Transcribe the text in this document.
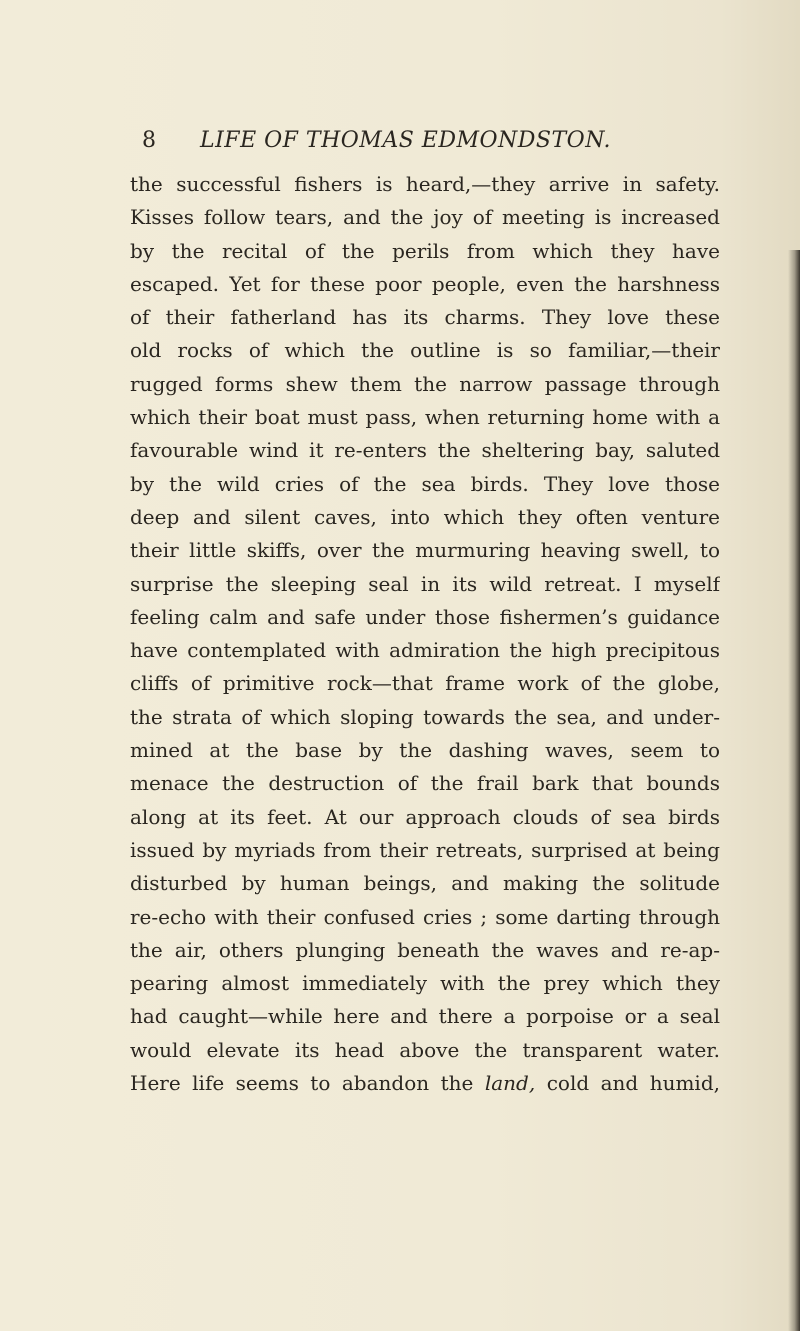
8 LIFE OF THOMAS EDMONDSTON.
the successful fishers is heard,—they arrive in safety.
Kisses follow tears, and the joy of meeting is increased
by the recital of the perils from which they have
escaped. Yet for these poor people, even the harshness
of their fatherland has its charms. They love these
old rocks of which the outline is so familiar,—their
rugged forms shew them the narrow passage through
which their boat must pass, when returning home with a
favourable wind it re-enters the sheltering bay, saluted
by the wild cries of the sea birds. They love those
deep and silent caves, into which they often venture
their little skiffs, over the murmuring heaving swell, to
surprise the sleeping seal in its wild retreat. I myself
feeling calm and safe under those fishermen’s guidance
have contemplated with admiration the high precipitous
cliffs of primitive rock—that frame work of the globe,
the strata of which sloping towards the sea, and under-
mined at the base by the dashing waves, seem to
menace the destruction of the frail bark that bounds
along at its feet. At our approach clouds of sea birds
issued by myriads from their retreats, surprised at being
disturbed by human beings, and making the solitude
re-echo with their confused cries ; some darting through
the air, others plunging beneath the waves and re-ap-
pearing almost immediately with the prey which they
had caught—while here and there a porpoise or a seal
would elevate its head above the transparent water.
Here life seems to abandon the land, cold and humid,
